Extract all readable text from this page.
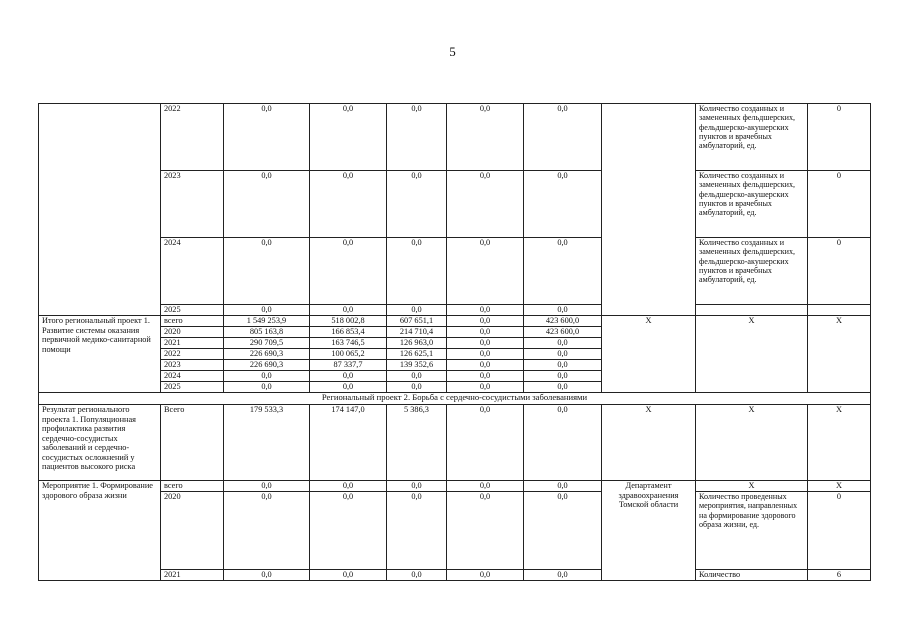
5
	2022	0,0	0,0	0,0	0,0	0,0		Количество созданных и замененных фельдшерских, фельдшерско-акушерских пунктов и врачебных амбулаторий, ед.	0
	2023	0,0	0,0	0,0	0,0	0,0		Количество созданных и замененных фельдшерских, фельдшерско-акушерских пунктов и врачебных амбулаторий, ед.	0
	2024	0,0	0,0	0,0	0,0	0,0		Количество созданных и замененных фельдшерских, фельдшерско-акушерских пунктов и врачебных амбулаторий, ед.	0
	2025	0,0	0,0	0,0	0,0	0,0			
Итого региональный проект 1. Развитие системы оказания первичной медико-санитарной помощи	всего	1 549 253,9	518 002,8	607 651,1	0,0	423 600,0	X	X	X
	2020	805 163,8	166 853,4	214 710,4	0,0	423 600,0			
	2021	290 709,5	163 746,5	126 963,0	0,0	0,0			
	2022	226 690,3	100 065,2	126 625,1	0,0	0,0			
	2023	226 690,3	87 337,7	139 352,6	0,0	0,0			
	2024	0,0	0,0	0,0	0,0	0,0			
	2025	0,0	0,0	0,0	0,0	0,0			
Региональный проект 2. Борьба с сердечно-сосудистыми заболеваниями									
Результат регионального проекта 1. Популяционная профилактика развития сердечно-сосудистых заболеваний и сердечно-сосудистых осложнений у пациентов высокого риска	Всего	179 533,3	174 147,0	5 386,3	0,0	0,0	X	X	X
Мероприятие 1. Формирование здорового образа жизни	всего	0,0	0,0	0,0	0,0	0,0	Департамент здравоохранения Томской области	X	X
	2020	0,0	0,0	0,0	0,0	0,0		Количество проведенных мероприятия, направленных на формирование здорового образа жизни, ед.	0
	2021	0,0	0,0	0,0	0,0	0,0		Количество	6
